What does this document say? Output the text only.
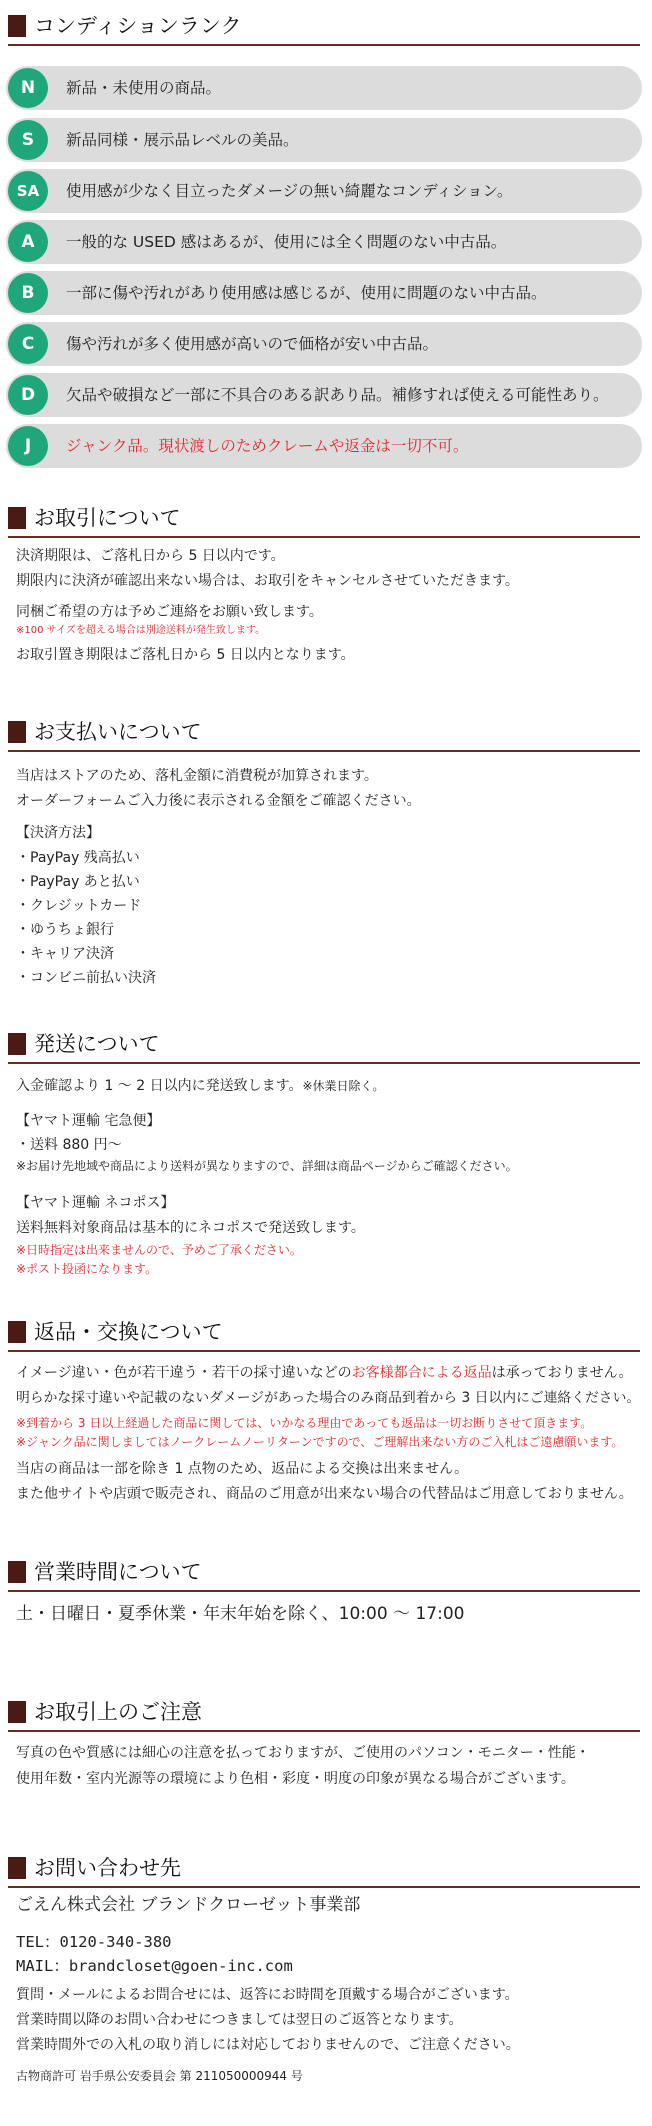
コンディションランク
N	新品・未使用の商品。
S	新品同様・展示品レベルの美品。
SA	使用感が少なく目立ったダメージの無い綺麗なコンディション。
A	一般的な USED 感はあるが、使用には全く問題のない中古品。
B	一部に傷や汚れがあり使用感は感じるが、使用に問題のない中古品。
C	傷や汚れが多く使用感が高いので価格が安い中古品。
D	欠品や破損など一部に不具合のある訳あり品。補修すれば使える可能性あり。
J	ジャンク品。現状渡しのためクレームや返金は一切不可。
お取引について
決済期限は、ご落札日から 5 日以内です。
期限内に決済が確認出来ない場合は、お取引をキャンセルさせていただきます。
同梱ご希望の方は予めご連絡をお願い致します。
※100 サイズを超える場合は別途送料が発生致します。
お取引置き期限はご落札日から 5 日以内となります。
お支払いについて
当店はストアのため、落札金額に消費税が加算されます。
オーダーフォームご入力後に表示される金額をご確認ください。
【決済方法】
・PayPay 残高払い
・PayPay あと払い
・クレジットカード
・ゆうちょ銀行
・キャリア決済
・コンビニ前払い決済
発送について
入金確認より 1 ～ 2 日以内に発送致します。※休業日除く。
【ヤマト運輸 宅急便】
・送料 880 円～
※お届け先地域や商品により送料が異なりますので、詳細は商品ページからご確認ください。
【ヤマト運輸 ネコポス】
送料無料対象商品は基本的にネコポスで発送致します。
※日時指定は出来ませんので、予めご了承ください。
※ポスト投函になります。
返品・交換について
イメージ違い・色が若干違う・若干の採寸違いなどのお客様都合による返品は承っておりません。
明らかな採寸違いや記載のないダメージがあった場合のみ商品到着から 3 日以内にご連絡ください。
※到着から 3 日以上経過した商品に関しては、いかなる理由であっても返品は一切お断りさせて頂きます。
※ジャンク品に関しましてはノークレームノーリターンですので、ご理解出来ない方のご入札はご遠慮願います。
当店の商品は一部を除き 1 点物のため、返品による交換は出来ません。
また他サイトや店頭で販売され、商品のご用意が出来ない場合の代替品はご用意しておりません。
営業時間について
土・日曜日・夏季休業・年末年始を除く、10:00 ～ 17:00
お取引上のご注意
写真の色や質感には細心の注意を払っておりますが、ご使用のパソコン・モニター・性能・
使用年数・室内光源等の環境により色相・彩度・明度の印象が異なる場合がございます。
お問い合わせ先
ごえん株式会社 ブランドクローゼット事業部
TEL：0120-340-380
MAIL：brandcloset@goen-inc.com
質問・メールによるお問合せには、返答にお時間を頂戴する場合がございます。
営業時間以降のお問い合わせにつきましては翌日のご返答となります。
営業時間外での入札の取り消しには対応しておりませんので、ご注意ください。
古物商許可 岩手県公安委員会 第 211050000944 号
